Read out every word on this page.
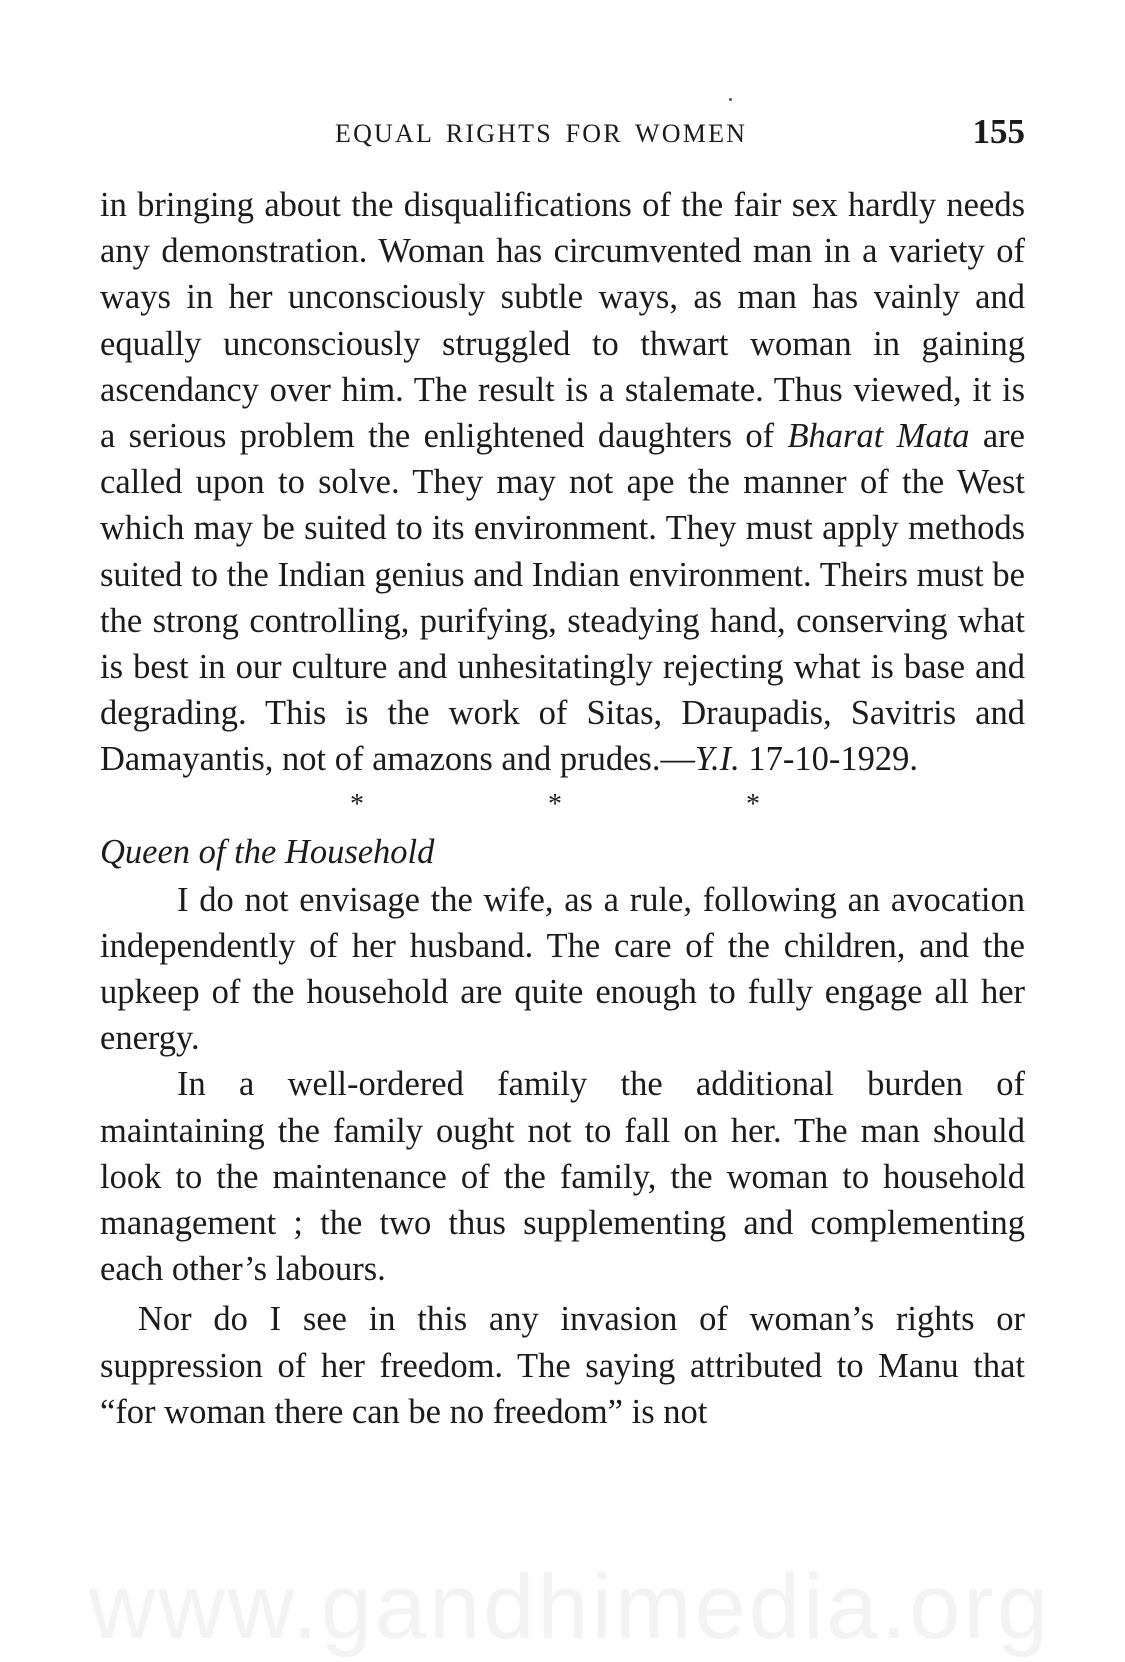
EQUAL RIGHTS FOR WOMEN	155

in bringing about the disqualifications of the fair sex hardly needs any demonstration. Woman has circumvented man in a variety of ways in her unconsciously subtle ways, as man has vainly and equally unconsciously struggled to thwart woman in gaining ascendancy over him. The result is a stalemate. Thus viewed, it is a serious problem the enlightened daughters of Bharat Mata are called upon to solve. They may not ape the manner of the West which may be suited to its environment. They must apply methods suited to the Indian genius and Indian environment. Theirs must be the strong controlling, purifying, steadying hand, conserving what is best in our culture and unhesitatingly rejecting what is base and degrading. This is the work of Sitas, Draupadis, Savitris and Damayantis, not of amazons and prudes.—Y.I. 17-10-1929.

*	*	*

Queen of the Household

I do not envisage the wife, as a rule, following an avocation independently of her husband. The care of the children, and the upkeep of the household are quite enough to fully engage all her energy.

In a well-ordered family the additional burden of maintaining the family ought not to fall on her. The man should look to the maintenance of the family, the woman to household management ; the two thus supplementing and complementing each other’s labours.

Nor do I see in this any invasion of woman’s rights or suppression of her freedom. The saying attributed to Manu that “for woman there can be no freedom” is not

www.gandhimedia.org
